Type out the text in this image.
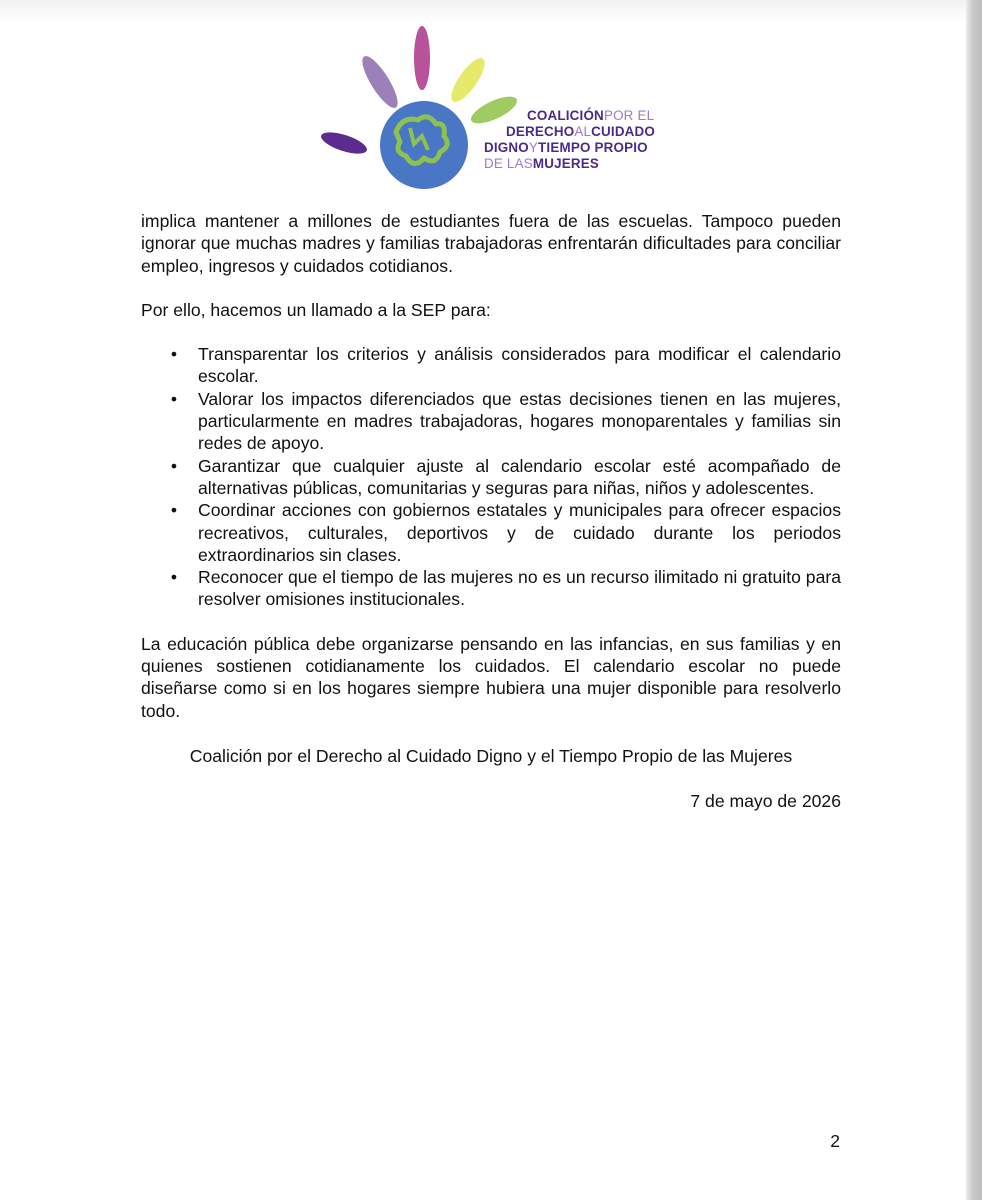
COALICIÓNPOR EL
DERECHOALCUIDADO
DIGNOYTIEMPO PROPIO
DE LASMUJERES

implica mantener a millones de estudiantes fuera de las escuelas. Tampoco pueden ignorar que muchas madres y familias trabajadoras enfrentarán dificultades para conciliar empleo, ingresos y cuidados cotidianos.

Por ello, hacemos un llamado a la SEP para:

• Transparentar los criterios y análisis considerados para modificar el calendario escolar.
• Valorar los impactos diferenciados que estas decisiones tienen en las mujeres, particularmente en madres trabajadoras, hogares monoparentales y familias sin redes de apoyo.
• Garantizar que cualquier ajuste al calendario escolar esté acompañado de alternativas públicas, comunitarias y seguras para niñas, niños y adolescentes.
• Coordinar acciones con gobiernos estatales y municipales para ofrecer espacios recreativos, culturales, deportivos y de cuidado durante los periodos extraordinarios sin clases.
• Reconocer que el tiempo de las mujeres no es un recurso ilimitado ni gratuito para resolver omisiones institucionales.

La educación pública debe organizarse pensando en las infancias, en sus familias y en quienes sostienen cotidianamente los cuidados. El calendario escolar no puede diseñarse como si en los hogares siempre hubiera una mujer disponible para resolverlo todo.

Coalición por el Derecho al Cuidado Digno y el Tiempo Propio de las Mujeres

7 de mayo de 2026

2
